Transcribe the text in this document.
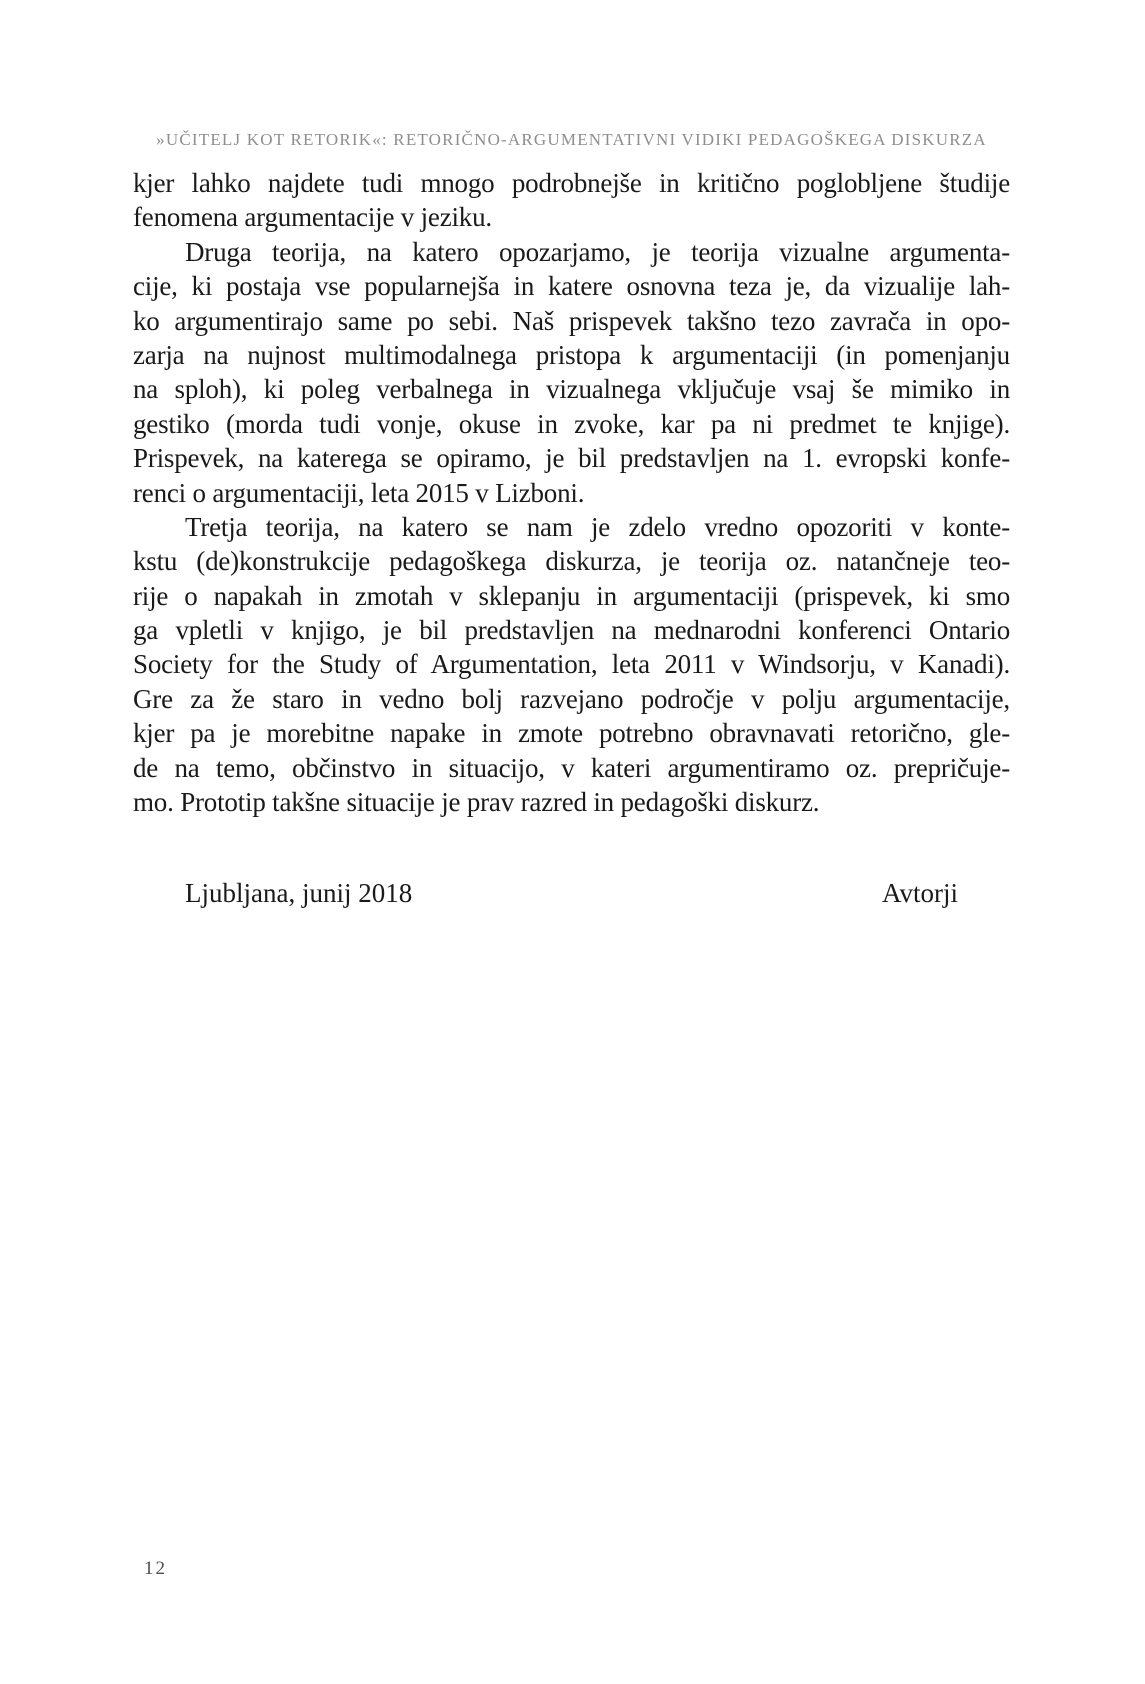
»UČITELJ KOT RETORIK«: RETORIČNO-ARGUMENTATIVNI VIDIKI PEDAGOŠKEGA DISKURZA
kjer lahko najdete tudi mnogo podrobnejše in kritično poglobljene študije
fenomena argumentacije v jeziku.
Druga teorija, na katero opozarjamo, je teorija vizualne argumenta-
cije, ki postaja vse popularnejša in katere osnovna teza je, da vizualije lah-
ko argumentirajo same po sebi. Naš prispevek takšno tezo zavrača in opo-
zarja na nujnost multimodalnega pristopa k argumentaciji (in pomenjanju
na sploh), ki poleg verbalnega in vizualnega vključuje vsaj še mimiko in
gestiko (morda tudi vonje, okuse in zvoke, kar pa ni predmet te knjige).
Prispevek, na katerega se opiramo, je bil predstavljen na 1. evropski konfe-
renci o argumentaciji, leta 2015 v Lizboni.
Tretja teorija, na katero se nam je zdelo vredno opozoriti v konte-
kstu (de)konstrukcije pedagoškega diskurza, je teorija oz. natančneje teo-
rije o napakah in zmotah v sklepanju in argumentaciji (prispevek, ki smo
ga vpletli v knjigo, je bil predstavljen na mednarodni konferenci Ontario
Society for the Study of Argumentation, leta 2011 v Windsorju, v Kanadi).
Gre za že staro in vedno bolj razvejano področje v polju argumentacije,
kjer pa je morebitne napake in zmote potrebno obravnavati retorično, gle-
de na temo, občinstvo in situacijo, v kateri argumentiramo oz. prepričuje-
mo. Prototip takšne situacije je prav razred in pedagoški diskurz.
Ljubljana, junij 2018	Avtorji
12
